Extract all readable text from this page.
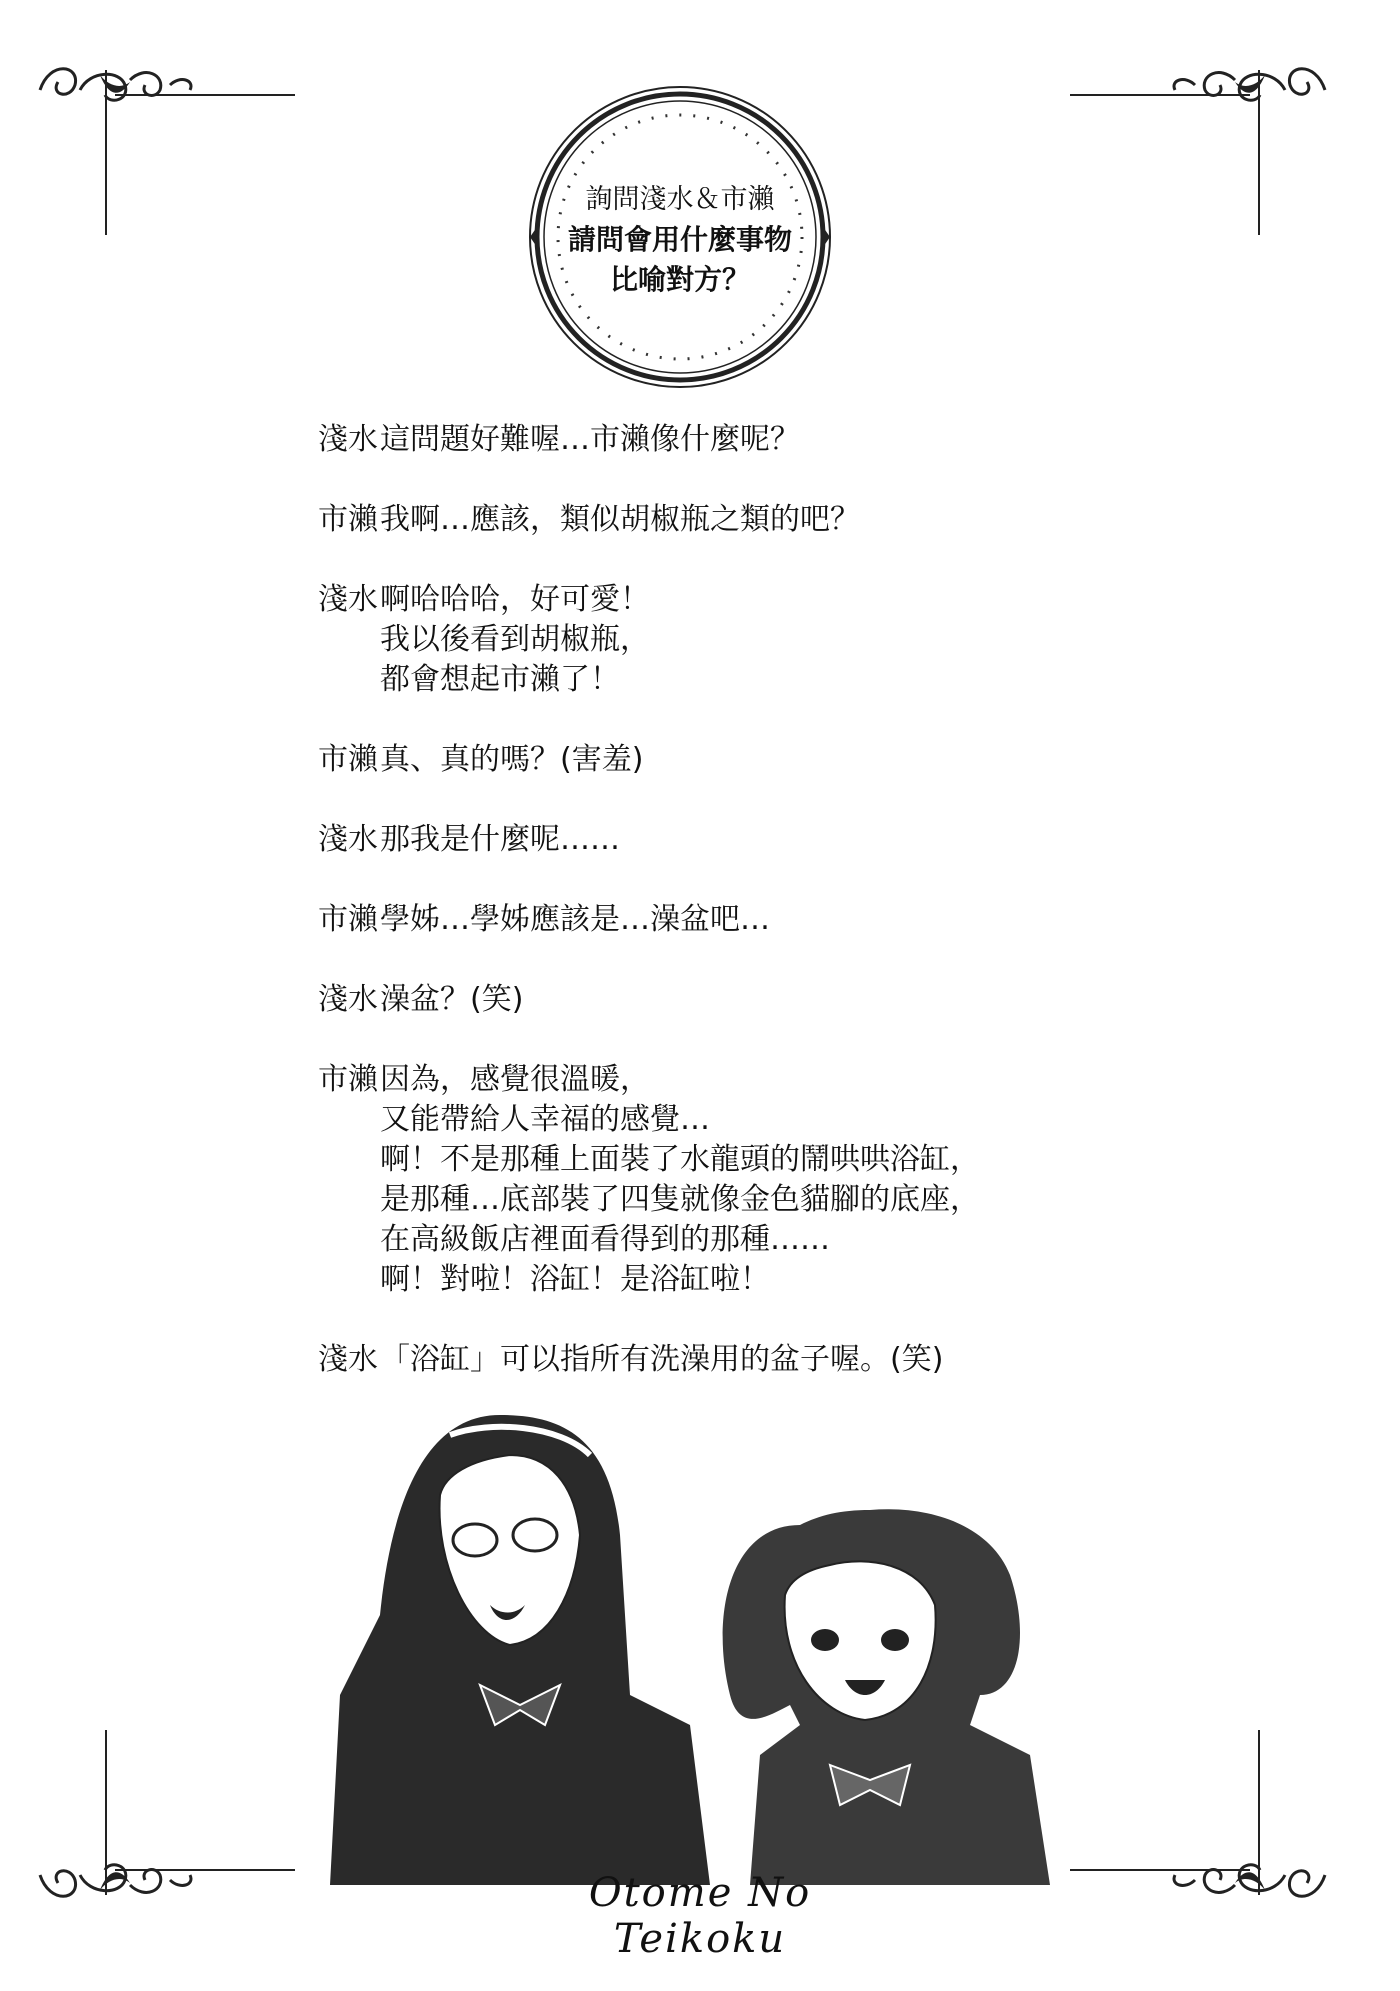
詢問淺水＆市瀨
請問會用什麼事物
比喻對方？
淺水 這問題好難喔…市瀨像什麼呢？
市瀨 我啊…應該，類似胡椒瓶之類的吧？
淺水 啊哈哈哈，好可愛！
我以後看到胡椒瓶，
都會想起市瀨了！
市瀨 真、真的嗎？(害羞)
淺水 那我是什麼呢……
市瀨 學姊…學姊應該是…澡盆吧…
淺水 澡盆？(笑)
市瀨 因為，感覺很溫暖，
又能帶給人幸福的感覺…
啊！不是那種上面裝了水龍頭的鬧哄哄浴缸，
是那種…底部裝了四隻就像金色貓腳的底座，
在高級飯店裡面看得到的那種……
啊！對啦！浴缸！是浴缸啦！
淺水 「浴缸」可以指所有洗澡用的盆子喔。(笑)
Otome No Teikoku
